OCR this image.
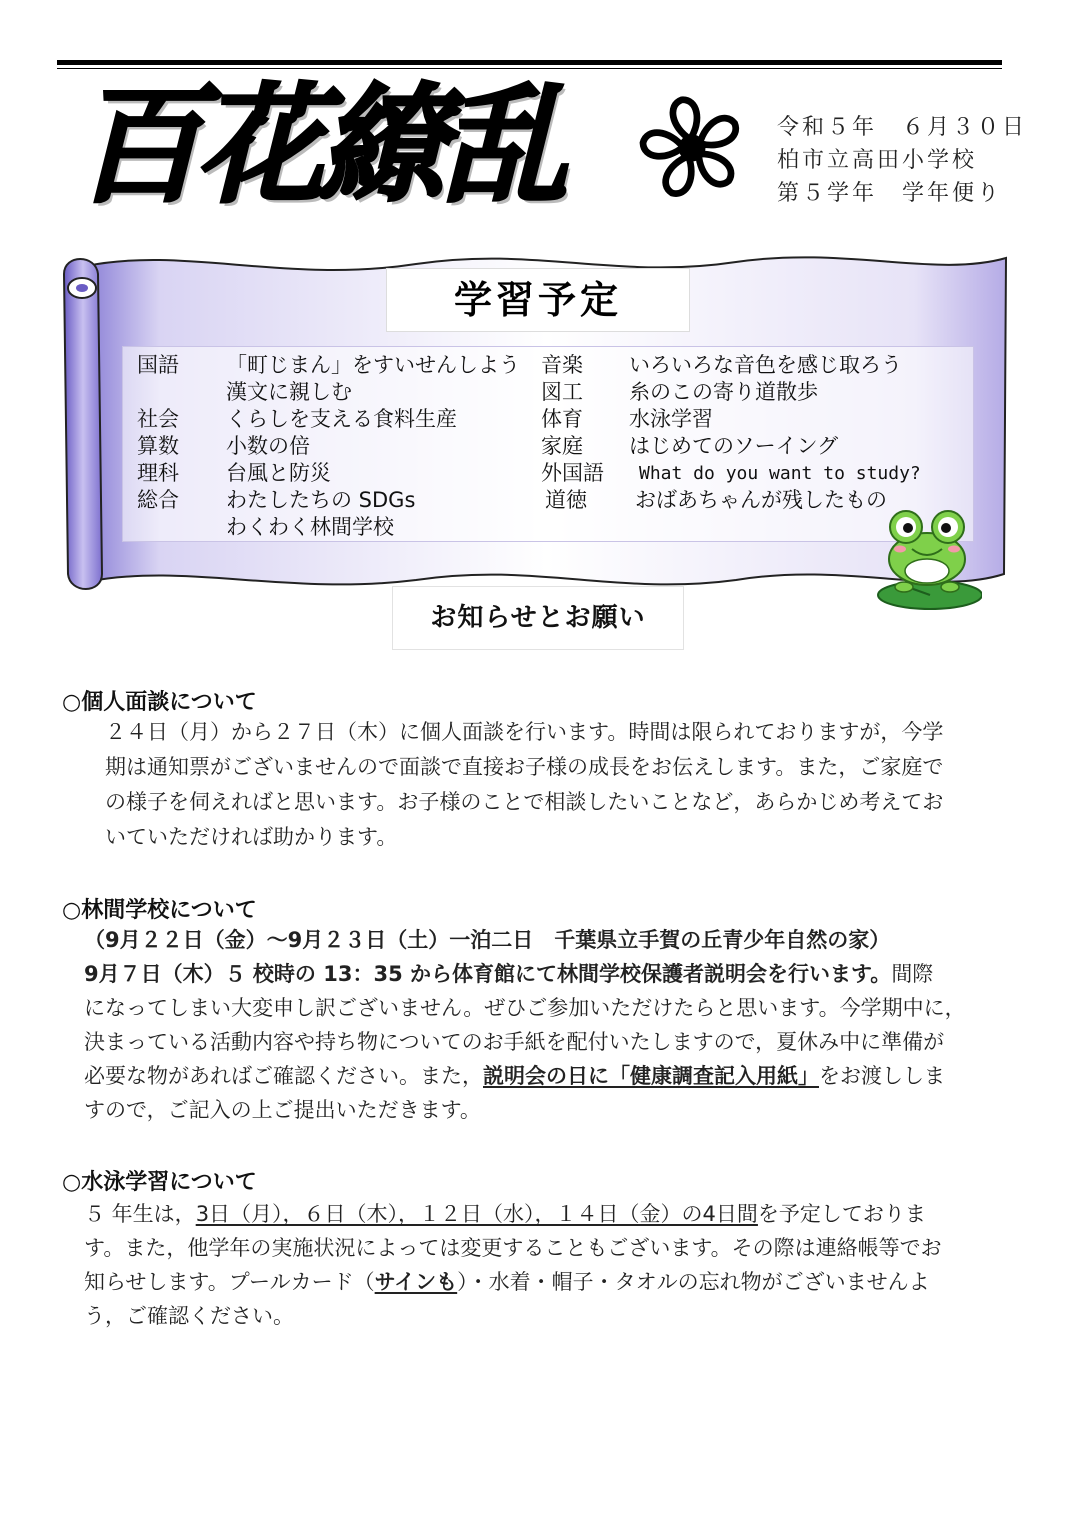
百花繚乱	令和５年　６月３０日
柏市立高田小学校
第５学年　学年便り
学習予定
国語 「町じまん」をすいせんしよう
漢文に親しむ
社会 くらしを支える食料生産
算数 小数の倍
理科 台風と防災
総合 わたしたちの SDGs
わくわく林間学校
音楽 いろいろな音色を感じ取ろう
図工 糸のこの寄り道散歩
体育 水泳学習
家庭 はじめてのソーイング
外国語 What do you want to study?
道徳 おばあちゃんが残したもの
お知らせとお願い
○個人面談について
２４日（月）から２７日（木）に個人面談を行います。時間は限られておりますが，今学
期は通知票がございませんので面談で直接お子様の成長をお伝えします。また，ご家庭で
の様子を伺えればと思います。お子様のことで相談したいことなど，あらかじめ考えてお
いていただければ助かります。
○林間学校について
（9月２２日（金）～9月２３日（土）一泊二日　千葉県立手賀の丘青少年自然の家）
9月７日（木）５ 校時の 13：35 から体育館にて林間学校保護者説明会を行います。間際
になってしまい大変申し訳ございません。ぜひご参加いただけたらと思います。今学期中に，
決まっている活動内容や持ち物についてのお手紙を配付いたしますので，夏休み中に準備が
必要な物があればご確認ください。また，説明会の日に「健康調査記入用紙」をお渡ししま
すので，ご記入の上ご提出いただきます。
○水泳学習について
５ 年生は，3日（月），６日（木），１２日（水），１４日（金）の4日間を予定しておりま
す。また，他学年の実施状況によっては変更することもございます。その際は連絡帳等でお
知らせします。プールカード（サインも）・水着・帽子・タオルの忘れ物がございませんよ
う，ご確認ください。
